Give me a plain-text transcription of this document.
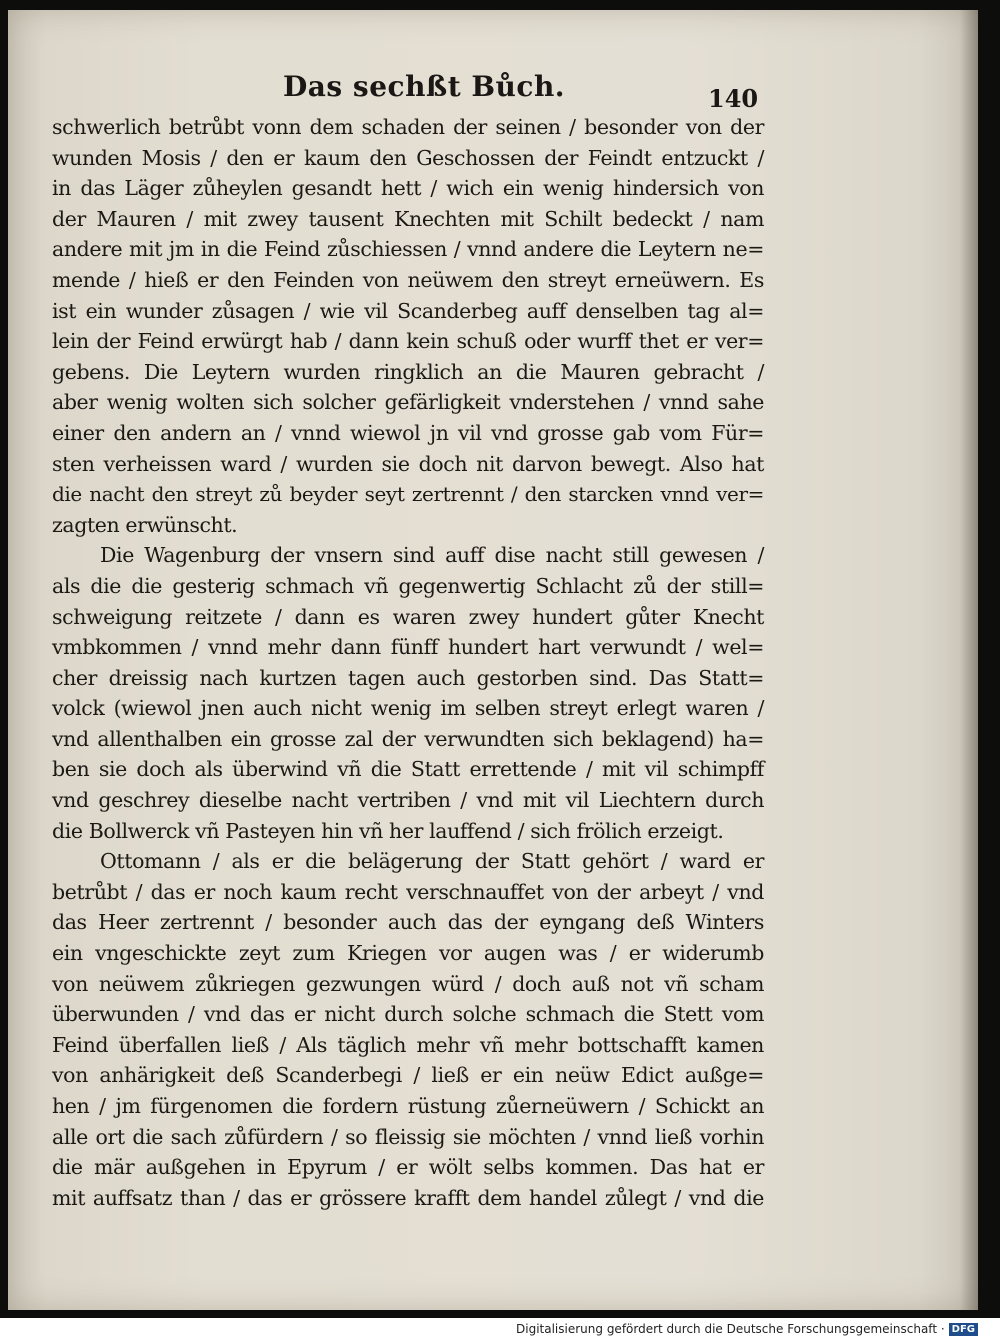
Das sechßt Bůch.	140
schwerlich betrůbt vonn dem schaden der seinen / besonder von der
wunden Mosis / den er kaum den Geschossen der Feindt entzuckt /
in das Läger zůheylen gesandt hett / wich ein wenig hindersich von
der Mauren / mit zwey tausent Knechten mit Schilt bedeckt / nam
andere mit jm in die Feind zůschiessen / vnnd andere die Leytern ne=
mende / hieß er den Feinden von neüwem den streyt erneüwern. Es
ist ein wunder zůsagen / wie vil Scanderbeg auff denselben tag al=
lein der Feind erwürgt hab / dann kein schuß oder wurff thet er ver=
gebens. Die Leytern wurden ringklich an die Mauren gebracht /
aber wenig wolten sich solcher gefärligkeit vnderstehen / vnnd sahe
einer den andern an / vnnd wiewol jn vil vnd grosse gab vom Für=
sten verheissen ward / wurden sie doch nit darvon bewegt. Also hat
die nacht den streyt zů beyder seyt zertrennt / den starcken vnnd ver=
zagten erwünscht.
Die Wagenburg der vnsern sind auff dise nacht still gewesen /
als die die gesterig schmach vñ gegenwertig Schlacht zů der still=
schweigung reitzete / dann es waren zwey hundert gůter Knecht
vmbkommen / vnnd mehr dann fünff hundert hart verwundt / wel=
cher dreissig nach kurtzen tagen auch gestorben sind. Das Statt=
volck (wiewol jnen auch nicht wenig im selben streyt erlegt waren /
vnd allenthalben ein grosse zal der verwundten sich beklagend) ha=
ben sie doch als überwind vñ die Statt errettende / mit vil schimpff
vnd geschrey dieselbe nacht vertriben / vnd mit vil Liechtern durch
die Bollwerck vñ Pasteyen hin vñ her lauffend / sich frölich erzeigt.
Ottomann / als er die belägerung der Statt gehört / ward er
betrůbt / das er noch kaum recht verschnauffet von der arbeyt / vnd
das Heer zertrennt / besonder auch das der eyngang deß Winters
ein vngeschickte zeyt zum Kriegen vor augen was / er widerumb
von neüwem zůkriegen gezwungen würd / doch auß not vñ scham
überwunden / vnd das er nicht durch solche schmach die Stett vom
Feind überfallen ließ / Als täglich mehr vñ mehr bottschafft kamen
von anhärigkeit deß Scanderbegi / ließ er ein neüw Edict außge=
hen / jm fürgenomen die fordern rüstung zůerneüwern / Schickt an
alle ort die sach zůfürdern / so fleissig sie möchten / vnnd ließ vorhin
die mär außgehen in Epyrum / er wölt selbs kommen. Das hat er
mit auffsatz than / das er grössere krafft dem handel zůlegt / vnd die
Digitalisierung gefördert durch die Deutsche Forschungsgemeinschaft · DFG
